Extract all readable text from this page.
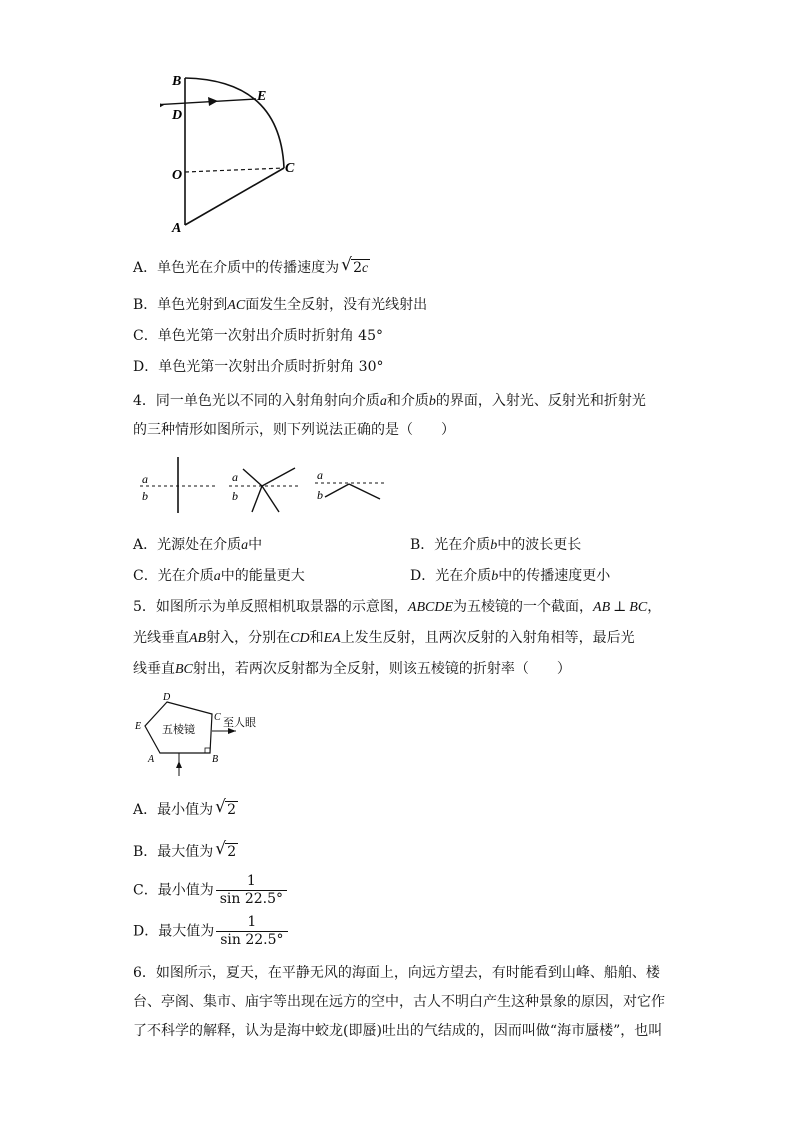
B
D
E
O	C
A
A．单色光在介质中的传播速度为 √ 2c
B．单色光射到AC面发生全反射，没有光线射出
C．单色光第一次射出介质时折射角 45°
D．单色光第一次射出介质时折射角 30°
4．同一单色光以不同的入射角射向介质a和介质b的界面，入射光、反射光和折射光
的三种情形如图所示，则下列说法正确的是（　　）
a
b
a
b
a
b
A．光源处在介质a中	B．光在介质b中的波长更长
C．光在介质a中的能量更大	D．光在介质b中的传播速度更小
5．如图所示为单反照相机取景器的示意图，ABCDE为五棱镜的一个截面，AB ⊥ BC，
光线垂直AB射入，分别在CD和EA上发生反射，且两次反射的入射角相等，最后光
线垂直BC射出，若两次反射都为全反射，则该五棱镜的折射率（　　）
五棱镜
至人眼
D
C
E
A	B
A．最小值为 √ 2
B．最大值为 √ 2
C．最小值为 $\frac{1}{\sin 22.5^\circ}$
D．最大值为 $\frac{1}{\sin 22.5^\circ}$
6．如图所示，夏天，在平静无风的海面上，向远方望去，有时能看到山峰、船舶、楼
台、亭阁、集市、庙宇等出现在远方的空中，古人不明白产生这种景象的原因，对它作
了不科学的解释，认为是海中蛟龙(即蜃)吐出的气结成的，因而叫做“海市蜃楼”，也叫
